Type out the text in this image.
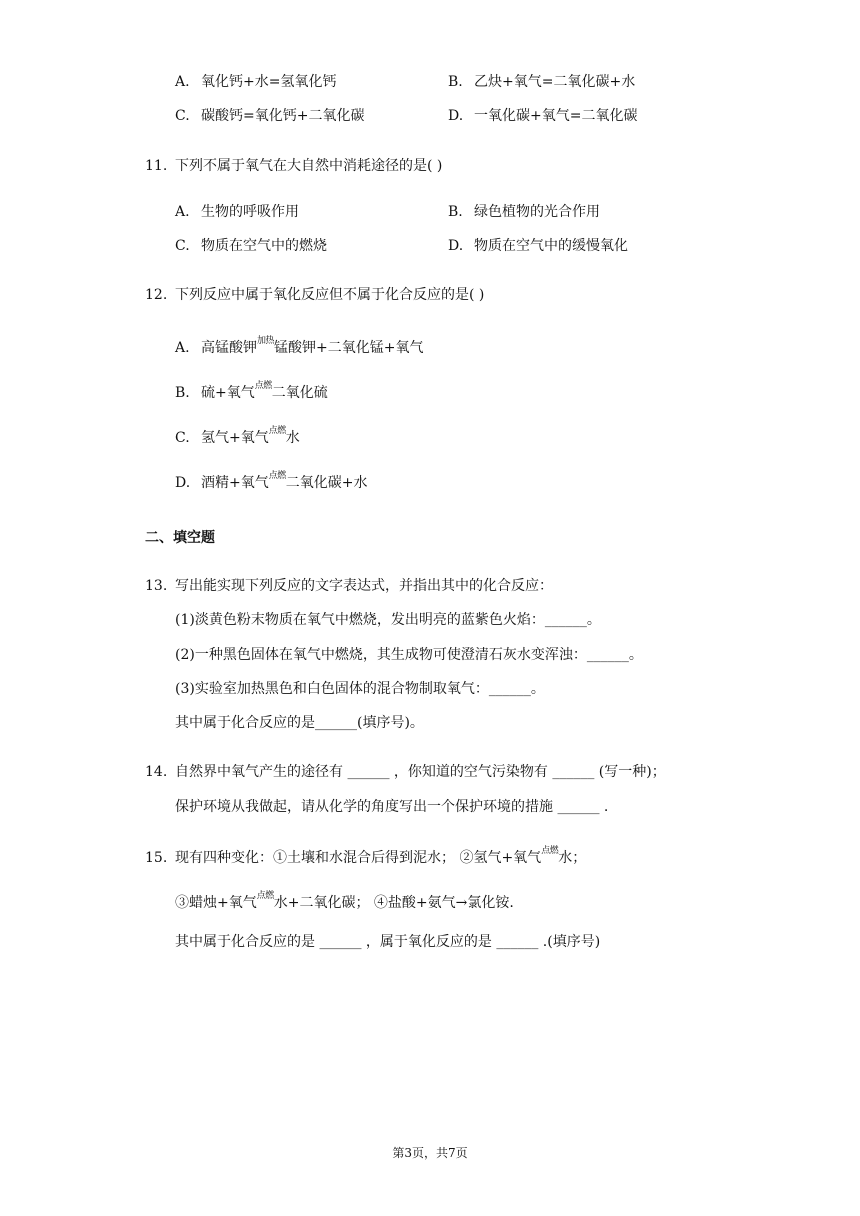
A. 氧化钙+水=氢氧化钙	B. 乙炔+氧气=二氧化碳+水
C. 碳酸钙=氧化钙+二氧化碳	D. 一氧化碳+氧气=二氧化碳
11. 下列不属于氧气在大自然中消耗途径的是( )
A. 生物的呼吸作用	B. 绿色植物的光合作用
C. 物质在空气中的燃烧	D. 物质在空气中的缓慢氧化
12. 下列反应中属于氧化反应但不属于化合反应的是( )
A. 高锰酸钾$^{加热}$锰酸钾+二氧化锰+氧气
B. 硫+氧气$^{点燃}$二氧化硫
C. 氢气+氧气$^{点燃}$水
D. 酒精+氧气$^{点燃}$二氧化碳+水
二、填空题
13. 写出能实现下列反应的文字表达式，并指出其中的化合反应：
(1)淡黄色粉末物质在氧气中燃烧，发出明亮的蓝紫色火焰：______。
(2)一种黑色固体在氧气中燃烧，其生成物可使澄清石灰水变浑浊：______。
(3)实验室加热黑色和白色固体的混合物制取氧气：______。
其中属于化合反应的是______(填序号)。
14. 自然界中氧气产生的途径有 ______ ，你知道的空气污染物有 ______ (写一种)；
保护环境从我做起，请从化学的角度写出一个保护环境的措施 ______ .
15. 现有四种变化：①土壤和水混合后得到泥水； ②氢气+氧气$^{点燃}$水；
③蜡烛+氧气$^{点燃}$水+二氧化碳； ④盐酸+氨气→氯化铵.
其中属于化合反应的是 ______ ，属于氧化反应的是 ______ .(填序号)
第3页，共7页
